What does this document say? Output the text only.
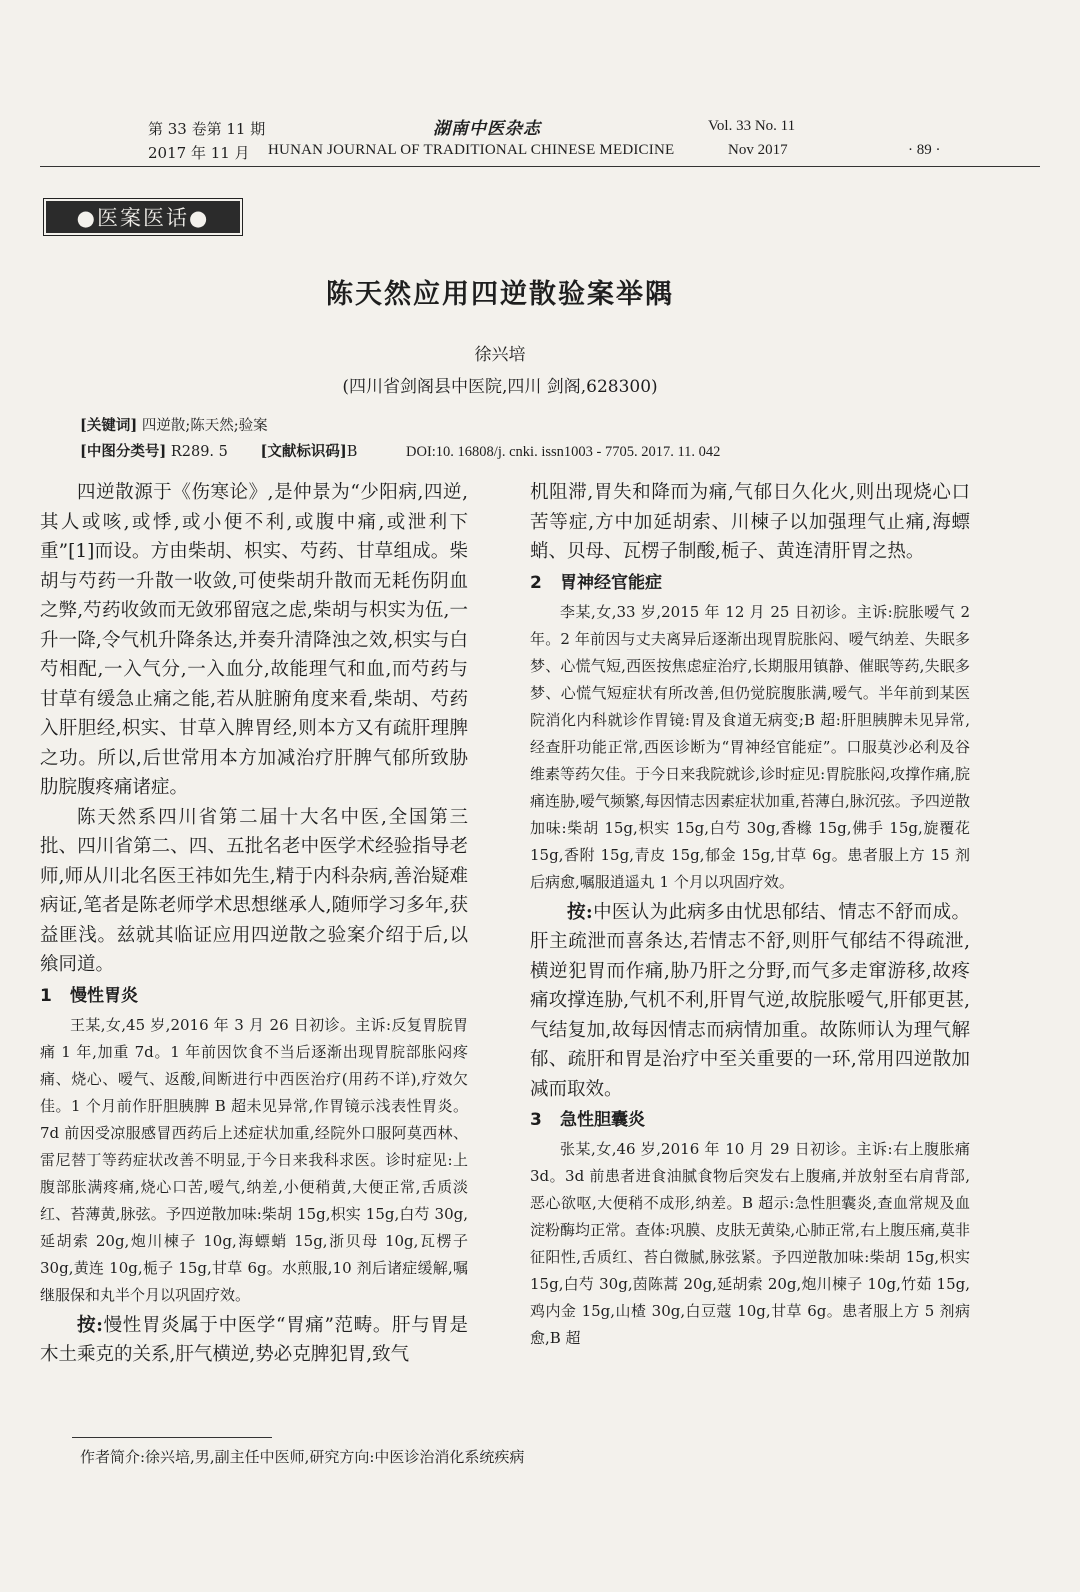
第 33 卷第 11 期	湖南中医杂志	Vol. 33 No. 11
2017 年 11 月 HUNAN JOURNAL OF TRADITIONAL CHINESE MEDICINE	Nov 2017	· 89 ·
●医案医话●
陈天然应用四逆散验案举隅
徐兴培
(四川省剑阁县中医院,四川 剑阁,628300)
[关键词] 四逆散;陈天然;验案
[中图分类号] R289. 5 [文献标识码]B	DOI:10. 16808/j. cnki. issn1003 - 7705. 2017. 11. 042

四逆散源于《伤寒论》,是仲景为“少阳病,四逆,其人或咳,或悸,或小便不利,或腹中痛,或泄利下重”[1]而设。方由柴胡、枳实、芍药、甘草组成。柴胡与芍药一升散一收敛,可使柴胡升散而无耗伤阴血之弊,芍药收敛而无敛邪留寇之虑,柴胡与枳实为伍,一升一降,令气机升降条达,并奏升清降浊之效,枳实与白芍相配,一入气分,一入血分,故能理气和血,而芍药与甘草有缓急止痛之能,若从脏腑角度来看,柴胡、芍药入肝胆经,枳实、甘草入脾胃经,则本方又有疏肝理脾之功。所以,后世常用本方加减治疗肝脾气郁所致胁肋脘腹疼痛诸症。

陈天然系四川省第二届十大名中医,全国第三批、四川省第二、四、五批名老中医学术经验指导老师,师从川北名医王祎如先生,精于内科杂病,善治疑难病证,笔者是陈老师学术思想继承人,随师学习多年,获益匪浅。兹就其临证应用四逆散之验案介绍于后,以飨同道。

1 慢性胃炎

王某,女,45 岁,2016 年 3 月 26 日初诊。主诉:反复胃脘胃痛 1 年,加重 7d。1 年前因饮食不当后逐渐出现胃脘部胀闷疼痛、烧心、嗳气、返酸,间断进行中西医治疗(用药不详),疗效欠佳。1 个月前作肝胆胰脾 B 超未见异常,作胃镜示浅表性胃炎。7d 前因受凉服感冒西药后上述症状加重,经院外口服阿莫西林、雷尼替丁等药症状改善不明显,于今日来我科求医。诊时症见:上腹部胀满疼痛,烧心口苦,嗳气,纳差,小便稍黄,大便正常,舌质淡红、苔薄黄,脉弦。予四逆散加味:柴胡 15g,枳实 15g,白芍 30g,延胡索 20g,炮川楝子 10g,海螵蛸 15g,浙贝母 10g,瓦楞子 30g,黄连 10g,栀子 15g,甘草 6g。水煎服,10 剂后诸症缓解,嘱继服保和丸半个月以巩固疗效。

按:慢性胃炎属于中医学“胃痛”范畴。肝与胃是木土乘克的关系,肝气横逆,势必克脾犯胃,致气

机阻滞,胃失和降而为痛,气郁日久化火,则出现烧心口苦等症,方中加延胡索、川楝子以加强理气止痛,海螵蛸、贝母、瓦楞子制酸,栀子、黄连清肝胃之热。

2 胃神经官能症

李某,女,33 岁,2015 年 12 月 25 日初诊。主诉:脘胀嗳气 2 年。2 年前因与丈夫离异后逐渐出现胃脘胀闷、嗳气纳差、失眠多梦、心慌气短,西医按焦虑症治疗,长期服用镇静、催眠等药,失眠多梦、心慌气短症状有所改善,但仍觉脘腹胀满,嗳气。半年前到某医院消化内科就诊作胃镜:胃及食道无病变;B 超:肝胆胰脾未见异常,经查肝功能正常,西医诊断为“胃神经官能症”。口服莫沙必利及谷维素等药欠佳。于今日来我院就诊,诊时症见:胃脘胀闷,攻撑作痛,脘痛连胁,嗳气频繁,每因情志因素症状加重,苔薄白,脉沉弦。予四逆散加味:柴胡 15g,枳实 15g,白芍 30g,香橼 15g,佛手 15g,旋覆花 15g,香附 15g,青皮 15g,郁金 15g,甘草 6g。患者服上方 15 剂后病愈,嘱服逍遥丸 1 个月以巩固疗效。

按:中医认为此病多由忧思郁结、情志不舒而成。肝主疏泄而喜条达,若情志不舒,则肝气郁结不得疏泄,横逆犯胃而作痛,胁乃肝之分野,而气多走窜游移,故疼痛攻撑连胁,气机不利,肝胃气逆,故脘胀嗳气,肝郁更甚,气结复加,故每因情志而病情加重。故陈师认为理气解郁、疏肝和胃是治疗中至关重要的一环,常用四逆散加减而取效。

3 急性胆囊炎

张某,女,46 岁,2016 年 10 月 29 日初诊。主诉:右上腹胀痛 3d。3d 前患者进食油腻食物后突发右上腹痛,并放射至右肩背部,恶心欲呕,大便稍不成形,纳差。B 超示:急性胆囊炎,查血常规及血淀粉酶均正常。查体:巩膜、皮肤无黄染,心肺正常,右上腹压痛,莫非征阳性,舌质红、苔白微腻,脉弦紧。予四逆散加味:柴胡 15g,枳实 15g,白芍 30g,茵陈蒿 20g,延胡索 20g,炮川楝子 10g,竹茹 15g,鸡内金 15g,山楂 30g,白豆蔻 10g,甘草 6g。患者服上方 5 剂病愈,B 超

作者简介:徐兴培,男,副主任中医师,研究方向:中医诊治消化系统疾病
